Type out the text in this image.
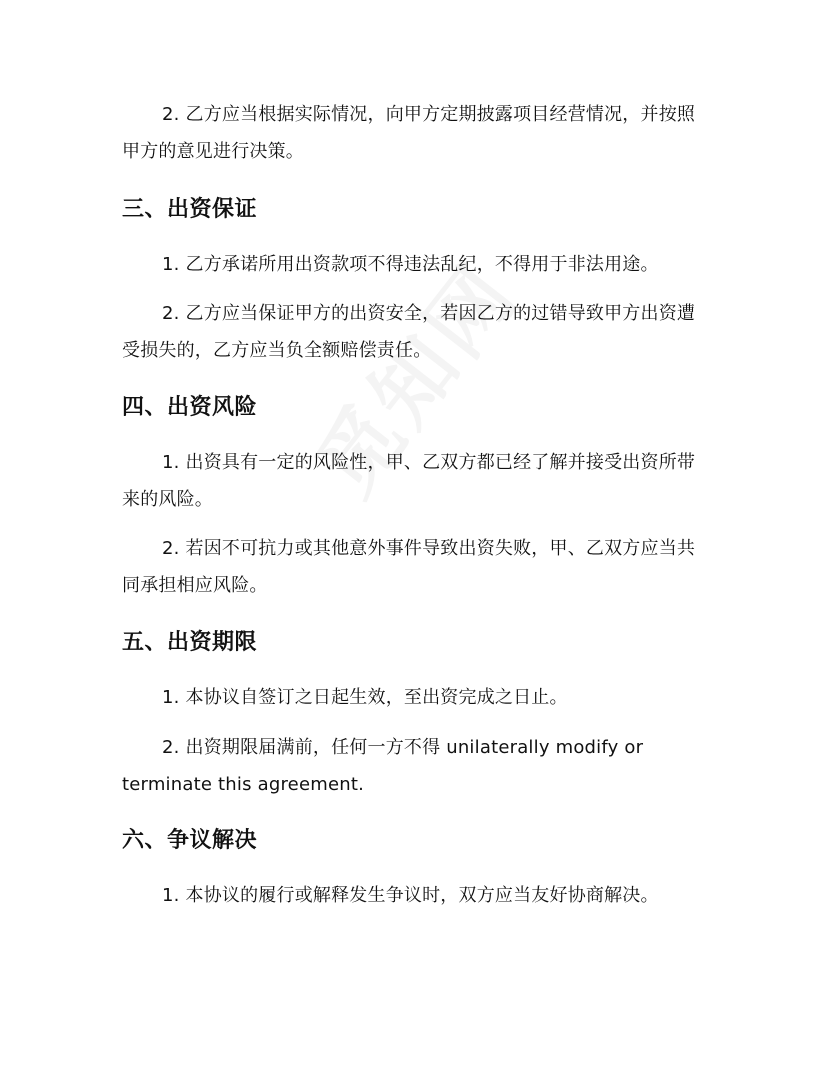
2. 乙方应当根据实际情况，向甲方定期披露项目经营情况，并按照甲方的意见进行决策。

三、出资保证

1. 乙方承诺所用出资款项不得违法乱纪，不得用于非法用途。

2. 乙方应当保证甲方的出资安全，若因乙方的过错导致甲方出资遭受损失的，乙方应当负全额赔偿责任。

四、出资风险

1. 出资具有一定的风险性，甲、乙双方都已经了解并接受出资所带来的风险。

2. 若因不可抗力或其他意外事件导致出资失败，甲、乙双方应当共同承担相应风险。

五、出资期限

1. 本协议自签订之日起生效，至出资完成之日止。

2. 出资期限届满前，任何一方不得 unilaterally modify or terminate this agreement.

六、争议解决

1. 本协议的履行或解释发生争议时，双方应当友好协商解决。
